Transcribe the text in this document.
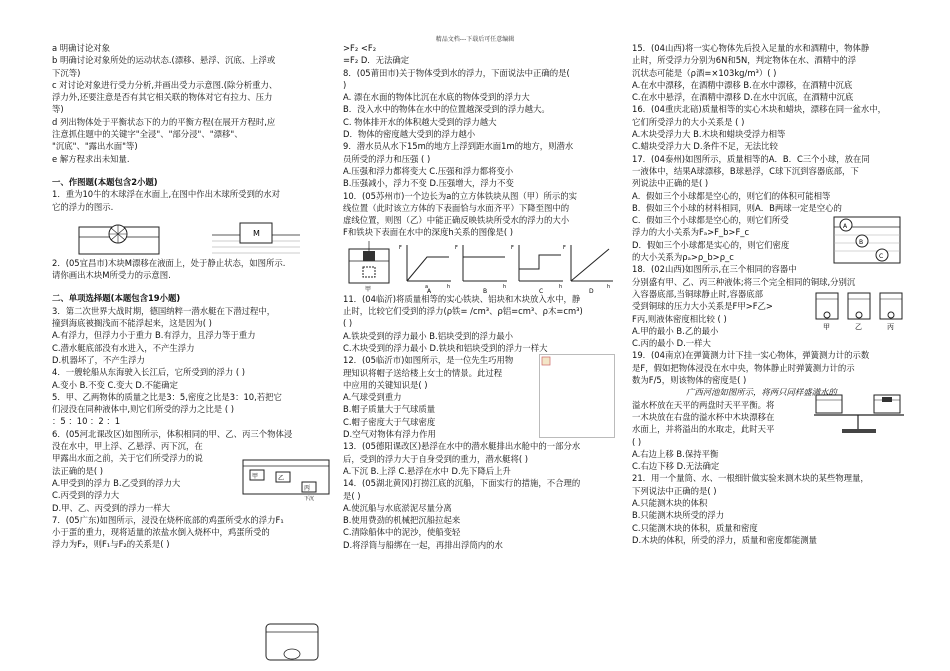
精品文档---下载后可任意编辑
a 明确讨论对象
b 明确讨论对象所处的运动状态.(漂移、悬浮、沉底、上浮或
下沉等)
c 对讨论对象进行受力分析,并画出受力示意图.(除分析重力、
浮力外,还要注意是否有其它相关联的物体对它有拉力、压力
等)
d 列出物体处于平衡状态下的力的平衡方程(在展开方程时,应
注意抓住题中的关键字"全浸"、"部分浸"、"漂移"、
"沉底"、"露出水面"等)
e 解方程求出未知量.
一、作图题(本题包含2小题)
1．重为10牛的木球浮在水面上,在图中作出木球所受到的水对
它的浮力的图示.
M
2．(05宜昌市)木块M漂移在液面上，处于静止状态，如图所示.
请你画出木块M所受力的示意图.
二、单项选择题(本题包含19小题)
3．第二次世界大战时期，德国纳粹一潜水艇在下潜过程中，
撞到海底被搁浅而不能浮起来，这是因为( )
A.有浮力，但浮力小于重力 B.有浮力，且浮力等于重力
C.潜水艇底部没有水进入，不产生浮力
D.机器坏了，不产生浮力
4．一艘轮船从东海驶入长江后，它所受到的浮力 ( )
A.变小 B.不变 C.变大 D.不能确定
5．甲、乙两物体的质量之比是3：5,密度之比是3：10,若把它
们浸没在同种液体中,则它们所受的浮力之比是 ( )
：5 ：10 ：2 ：1
6．(05河北课改区)如图所示，体积相同的甲、乙、丙三个物体浸
没在水中，甲上浮、乙悬浮、丙下沉，在
甲露出水面之前，关于它们所受浮力的说
法正确的是( )
A.甲受到的浮力 B.乙受到的浮力大
C.丙受到的浮力大
D.甲、乙、丙受到的浮力一样大
甲	乙
丙
下沉
7．(05广东)如图所示，浸没在烧杯底部的鸡蛋所受水的浮力F₁
小于蛋的重力，现将适量的浓盐水倒入烧杯中，鸡蛋所受的
浮力为F₂，则F₁与F₂的关系是( )
>F₂ <F₂
=F₂ D．无法确定
8．(05莆田市)关于物体受到水的浮力，下面说法中正确的是(
)
A. 漂在水面的物体比沉在水底的物体受到的浮力大
B．没入水中的物体在水中的位置越深受到的浮力越大。
C. 物体排开水的体积越大受到的浮力越大
D．物体的密度越大受到的浮力越小
9．潜水员从水下15m的地方上浮到距水面1m的地方，则潜水
员所受的浮力和压强 ( )
A.压强和浮力都将变大 C.压强和浮力都将变小
B.压强减小，浮力不变 D.压强增大，浮力不变
10．(05苏州市)一个边长为a的立方体铁块从图（甲）所示的实
线位置（此时该立方体的下表面恰与水面齐平）下降至图中的
虚线位置，则图（乙）中能正确反映铁块所受水的浮力的大小
F和铁块下表面在水中的深度h关系的图像是( )
甲
F
h
a
A
F
h
B
F
h
C
F
h
D
11．(04临沂)将质量相等的实心铁块、铝块和木块放入水中，静
止时，比较它们受到的浮力(ρ铁= /cm³、ρ铝=cm³、ρ木=cm³)
( )
A.铁块受到的浮力最小 B.铝块受到的浮力最小
C.木块受到的浮力最小 D.铁块和铝块受到的浮力一样大
12．(05临沂市)如图所示，是一位先生巧用物
理知识将帽子送给楼上女士的情景。此过程
中应用的关键知识是( )
A.气球受到重力
B.帽子质量大于气球质量
C.帽子密度大于气球密度
D.空气对物体有浮力作用
13．(05德阳课改区)悬浮在水中的潜水艇排出水舱中的一部分水
后，受到的浮力大于自身受到的重力，潜水艇将( )
A.下沉 B.上浮 C.悬浮在水中 D.先下降后上升
14．(05湖北黄冈)打捞江底的沉船，下面实行的措施，不合理的
是( )
A.使沉船与水底淤泥尽量分离
B.使用费劲的机械把沉船拉起来
C.清除船体中的泥沙，使船变轻
D.将浮筒与船绑在一起，再排出浮筒内的水
15．(04山西)将一实心物体先后投入足量的水和酒精中，物体静
止时，所受浮力分别为6N和5N，判定物体在水、酒精中的浮
沉状态可能是（ρ酒=×103kg/m³）( )
A.在水中漂移，在酒精中漂移 B.在水中漂移，在酒精中沉底
C.在水中悬浮，在酒精中漂移 D.在水中沉底，在酒精中沉底
16．(04重庆北碚)质量相等的实心木块和蜡块，漂移在同一盆水中，
它们所受浮力的大小关系是 ( )
A.木块受浮力大 B.木块和蜡块受浮力相等
C.蜡块受浮力大 D.条件不足，无法比较
17．(04泰州)如图所示，质量相等的A．B．C三个小球，放在同
一液体中，结果A球漂移，B球悬浮，C球下沉到容器底部，下
列说法中正确的是( )
A．假如三个小球都是空心的，则它们的体积可能相等
B．假如三个小球的材料相同，则A．B两球一定是空心的
C．假如三个小球都是空心的，则它们所受
浮力的大小关系为Fₐ>F_b>F_c
D．假如三个小球都是实心的，则它们密度
的大小关系为ρₐ>ρ_b>ρ_c
A
B
C
18．(02山西)如图所示,在三个相同的容器中
分别盛有甲、乙、丙三种液体;将三个完全相同的铜球,分别沉
入容器底部,当铜球静止时,容器底部
受到铜球的压力大小关系是F甲>F乙>
F丙,则液体密度相比较 ( )
A.甲的最小 B.乙的最小
C.丙的最小 D.一样大
甲	乙	丙
19．(04南京)在弹簧测力计下挂一实心物体，弹簧测力计的示数
是F，假如把物体浸没在水中央，物体静止时弹簧测力计的示
数为F/5，则该物体的密度是( )
广西河池如图所示，将两只同样盛满水的
溢水杯放在天平的两盘时天平平衡。将
一木块放在右盘的溢水杯中木块漂移在
水面上，并将溢出的水取走，此时天平
( )
A.右边上移 B.保持平衡
C.右边下移 D.无法确定
21．用一个量筒、水、一根细针做实验来测木块的某些物理量，
下列说法中正确的是( )
A.只能测木块的体积
B.只能测木块所受的浮力
C.只能测木块的体积，质量和密度
D.木块的体积，所受的浮力，质量和密度都能测量
